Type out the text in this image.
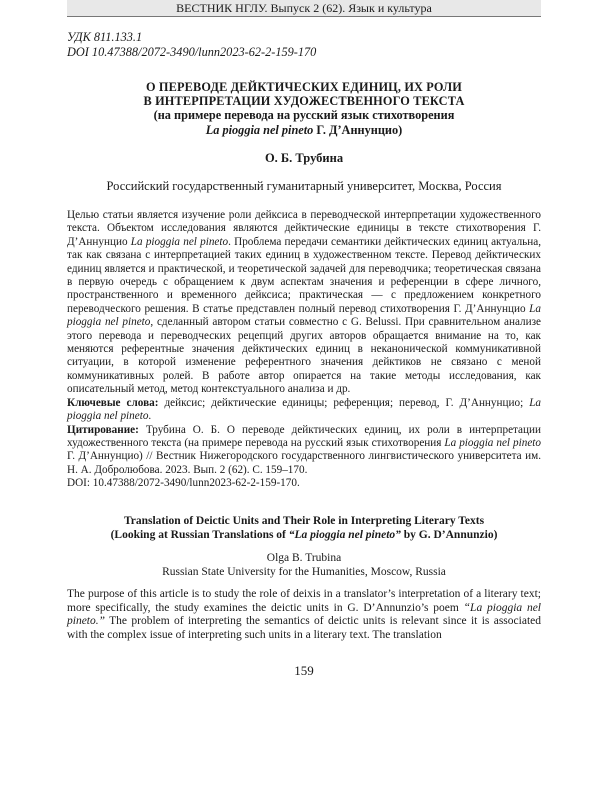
ВЕСТНИК НГЛУ. Выпуск 2 (62). Язык и культура
УДК 811.133.1
DOI 10.47388/2072-3490/lunn2023-62-2-159-170
О ПЕРЕВОДЕ ДЕЙКТИЧЕСКИХ ЕДИНИЦ, ИХ РОЛИ
В ИНТЕРПРЕТАЦИИ ХУДОЖЕСТВЕННОГО ТЕКСТА
(на примере перевода на русский язык стихотворения
La pioggia nel pineto Г. Д’Аннунцио)
О. Б. Трубина
Российский государственный гуманитарный университет, Москва, Россия

Целью статьи является изучение роли дейксиса в переводческой интерпретации художественного текста. Объектом исследования являются дейктические единицы в тексте стихотворения Г. Д’Аннунцио La pioggia nel pineto. Проблема передачи семантики дейктических единиц актуальна, так как связана с интерпретацией таких единиц в художественном тексте. Перевод дейктических единиц является и практической, и теоретической задачей для переводчика; теоретическая связана в первую очередь с обращением к двум аспектам значения и референции в сфере личного, пространственного и временного дейксиса; практическая — с предложением конкретного переводческого решения. В статье представлен полный перевод стихотворения Г. Д’Аннунцио La pioggia nel pineto, сделанный автором статьи совместно с G. Belussi. При сравнительном анализе этого перевода и переводческих рецепций других авторов обращается внимание на то, как меняются референтные значения дейктических единиц в неканонической коммуникативной ситуации, в которой изменение референтного значения дейктиков не связано с меной коммуникативных ролей. В работе автор опирается на такие методы исследования, как описательный метод, метод контекстуального анализа и др.

Ключевые слова: дейксис; дейктические единицы; референция; перевод, Г. Д’Аннунцио; La pioggia nel pineto.

Цитирование: Трубина О. Б. О переводе дейктических единиц, их роли в интерпретации художественного текста (на примере перевода на русский язык стихотворения La pioggia nel pineto Г. Д’Аннунцио) // Вестник Нижегородского государственного лингвистического университета им. Н. А. Добролюбова. 2023. Вып. 2 (62). С. 159–170.

DOI: 10.47388/2072-3490/lunn2023-62-2-159-170.

Translation of Deictic Units and Their Role in Interpreting Literary Texts
(Looking at Russian Translations of “La pioggia nel pineto” by G. D’Annunzio)
Olga B. Trubina
Russian State University for the Humanities, Moscow, Russia
The purpose of this article is to study the role of deixis in a translator’s interpretation of a literary text; more specifically, the study examines the deictic units in G. D’Annunzio’s poem “La pioggia nel pineto.” The problem of interpreting the semantics of deictic units is relevant since it is associated with the complex issue of interpreting such units in a literary text. The translation
159
